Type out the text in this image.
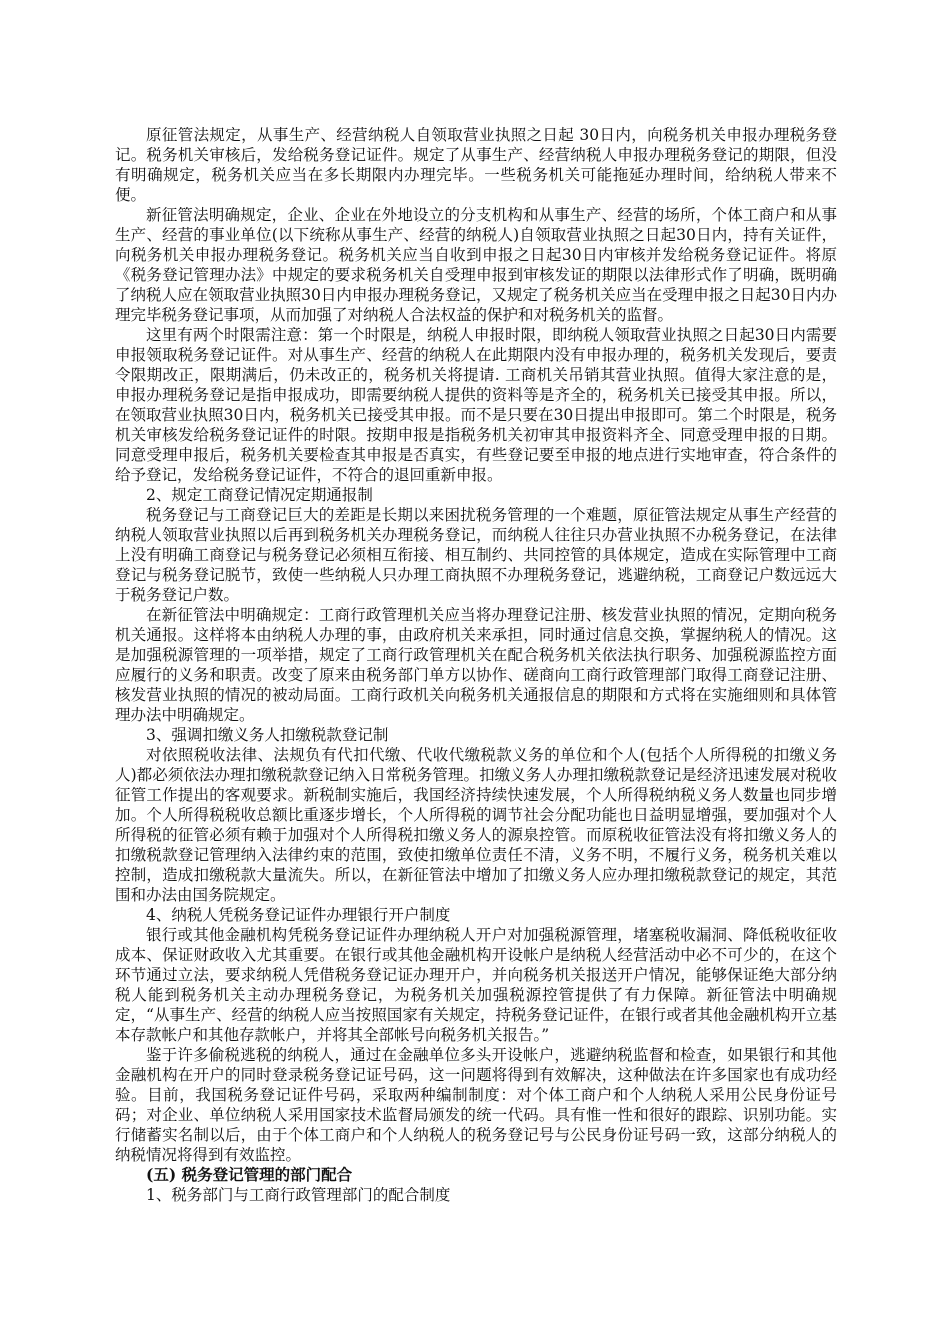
原征管法规定，从事生产、经营纳税人自领取营业执照之日起 30日内，向税务机关申报办理税务登记。税务机关审核后，发给税务登记证件。规定了从事生产、经营纳税人申报办理税务登记的期限，但没有明确规定，税务机关应当在多长期限内办理完毕。一些税务机关可能拖延办理时间，给纳税人带来不便。

新征管法明确规定，企业、企业在外地设立的分支机构和从事生产、经营的场所，个体工商户和从事生产、经营的事业单位(以下统称从事生产、经营的纳税人)自领取营业执照之日起30日内，持有关证件，向税务机关申报办理税务登记。税务机关应当自收到申报之日起30日内审核并发给税务登记证件。将原《税务登记管理办法》中规定的要求税务机关自受理申报到审核发证的期限以法律形式作了明确，既明确了纳税人应在领取营业执照30日内申报办理税务登记，又规定了税务机关应当在受理申报之日起30日内办理完毕税务登记事项，从而加强了对纳税人合法权益的保护和对税务机关的监督。

这里有两个时限需注意：第一个时限是，纳税人申报时限，即纳税人领取营业执照之日起30日内需要申报领取税务登记证件。对从事生产、经营的纳税人在此期限内没有申报办理的，税务机关发现后，要责令限期改正，限期满后，仍未改正的，税务机关将提请. 工商机关吊销其营业执照。值得大家注意的是，申报办理税务登记是指申报成功，即需要纳税人提供的资料等是齐全的，税务机关已接受其申报。所以，在领取营业执照30日内，税务机关已接受其申报。而不是只要在30日提出申报即可。第二个时限是，税务机关审核发给税务登记证件的时限。按期申报是指税务机关初审其申报资料齐全、同意受理申报的日期。同意受理申报后，税务机关要检查其申报是否真实，有些登记要至申报的地点进行实地审查，符合条件的给予登记，发给税务登记证件，不符合的退回重新申报。

2、规定工商登记情况定期通报制

税务登记与工商登记巨大的差距是长期以来困扰税务管理的一个难题，原征管法规定从事生产经营的纳税人领取营业执照以后再到税务机关办理税务登记，而纳税人往往只办营业执照不办税务登记，在法律上没有明确工商登记与税务登记必须相互衔接、相互制约、共同控管的具体规定，造成在实际管理中工商登记与税务登记脱节，致使一些纳税人只办理工商执照不办理税务登记，逃避纳税，工商登记户数远远大于税务登记户数。

在新征管法中明确规定：工商行政管理机关应当将办理登记注册、核发营业执照的情况，定期向税务机关通报。这样将本由纳税人办理的事，由政府机关来承担，同时通过信息交换，掌握纳税人的情况。这是加强税源管理的一项举措，规定了工商行政管理机关在配合税务机关依法执行职务、加强税源监控方面应履行的义务和职责。改变了原来由税务部门单方以协作、磋商向工商行政管理部门取得工商登记注册、核发营业执照的情况的被动局面。工商行政机关向税务机关通报信息的期限和方式将在实施细则和具体管理办法中明确规定。

3、强调扣缴义务人扣缴税款登记制

对依照税收法律、法规负有代扣代缴、代收代缴税款义务的单位和个人(包括个人所得税的扣缴义务人)都必须依法办理扣缴税款登记纳入日常税务管理。扣缴义务人办理扣缴税款登记是经济迅速发展对税收征管工作提出的客观要求。新税制实施后，我国经济持续快速发展，个人所得税纳税义务人数量也同步增加。个人所得税税收总额比重逐步增长，个人所得税的调节社会分配功能也日益明显增强，要加强对个人所得税的征管必须有赖于加强对个人所得税扣缴义务人的源泉控管。而原税收征管法没有将扣缴义务人的扣缴税款登记管理纳入法律约束的范围，致使扣缴单位责任不清，义务不明，不履行义务，税务机关难以控制，造成扣缴税款大量流失。所以，在新征管法中增加了扣缴义务人应办理扣缴税款登记的规定，其范围和办法由国务院规定。

4、纳税人凭税务登记证件办理银行开户制度

银行或其他金融机构凭税务登记证件办理纳税人开户对加强税源管理，堵塞税收漏洞、降低税收征收成本、保证财政收入尤其重要。在银行或其他金融机构开设帐户是纳税人经营活动中必不可少的，在这个环节通过立法，要求纳税人凭借税务登记证办理开户，并向税务机关报送开户情况，能够保证绝大部分纳税人能到税务机关主动办理税务登记，为税务机关加强税源控管提供了有力保障。新征管法中明确规定，“从事生产、经营的纳税人应当按照国家有关规定，持税务登记证件，在银行或者其他金融机构开立基本存款帐户和其他存款帐户，并将其全部帐号向税务机关报告。”

鉴于许多偷税逃税的纳税人，通过在金融单位多头开设帐户，逃避纳税监督和检查，如果银行和其他金融机构在开户的同时登录税务登记证号码，这一问题将得到有效解决，这种做法在许多国家也有成功经验。目前，我国税务登记证件号码，采取两种编制制度：对个体工商户和个人纳税人采用公民身份证号码；对企业、单位纳税人采用国家技术监督局颁发的统一代码。具有惟一性和很好的跟踪、识别功能。实行储蓄实名制以后，由于个体工商户和个人纳税人的税务登记号与公民身份证号码一致，这部分纳税人的纳税情况将得到有效监控。

(五) 税务登记管理的部门配合

1、税务部门与工商行政管理部门的配合制度
